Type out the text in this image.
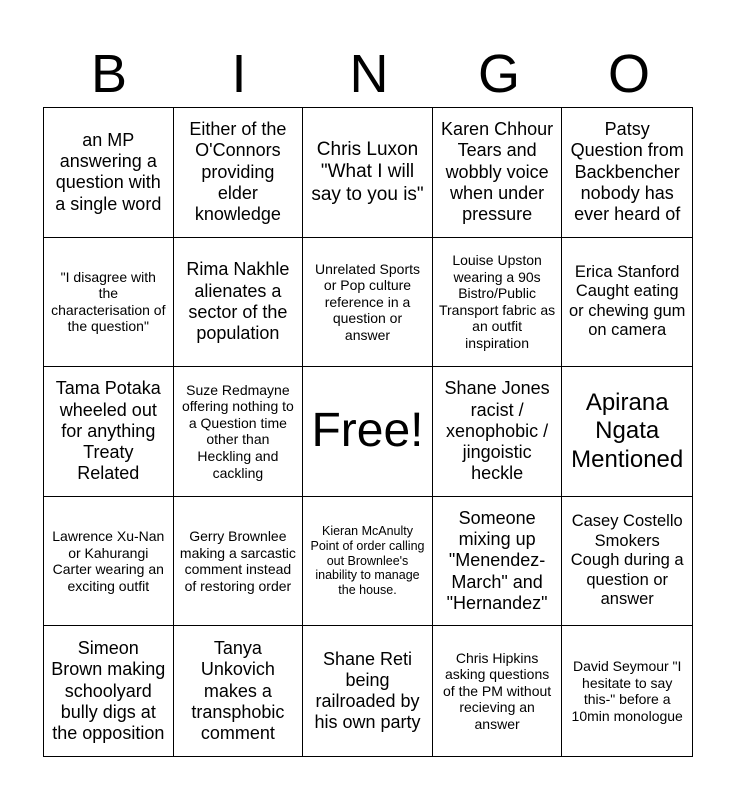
B	I	N	G	O
an MP answering a question with a single word
Either of the O'Connors providing elder knowledge
Chris Luxon "What I will say to you is"
Karen Chhour Tears and wobbly voice when under pressure
Patsy Question from Backbencher nobody has ever heard of
"I disagree with the characterisation of the question"
Rima Nakhle alienates a sector of the population
Unrelated Sports or Pop culture reference in a question or answer
Louise Upston wearing a 90s Bistro/Public Transport fabric as an outfit inspiration
Erica Stanford Caught eating or chewing gum on camera
Tama Potaka wheeled out for anything Treaty Related
Suze Redmayne offering nothing to a Question time other than Heckling and cackling
Free!
Shane Jones racist / xenophobic / jingoistic heckle
Apirana Ngata Mentioned
Lawrence Xu-Nan or Kahurangi Carter wearing an exciting outfit
Gerry Brownlee making a sarcastic comment instead of restoring order
Kieran McAnulty Point of order calling out Brownlee's inability to manage the house.
Someone mixing up "Menendez-March" and "Hernandez"
Casey Costello Smokers Cough during a question or answer
Simeon Brown making schoolyard bully digs at the opposition
Tanya Unkovich makes a transphobic comment
Shane Reti being railroaded by his own party
Chris Hipkins asking questions of the PM without recieving an answer
David Seymour "I hesitate to say this-" before a 10min monologue
